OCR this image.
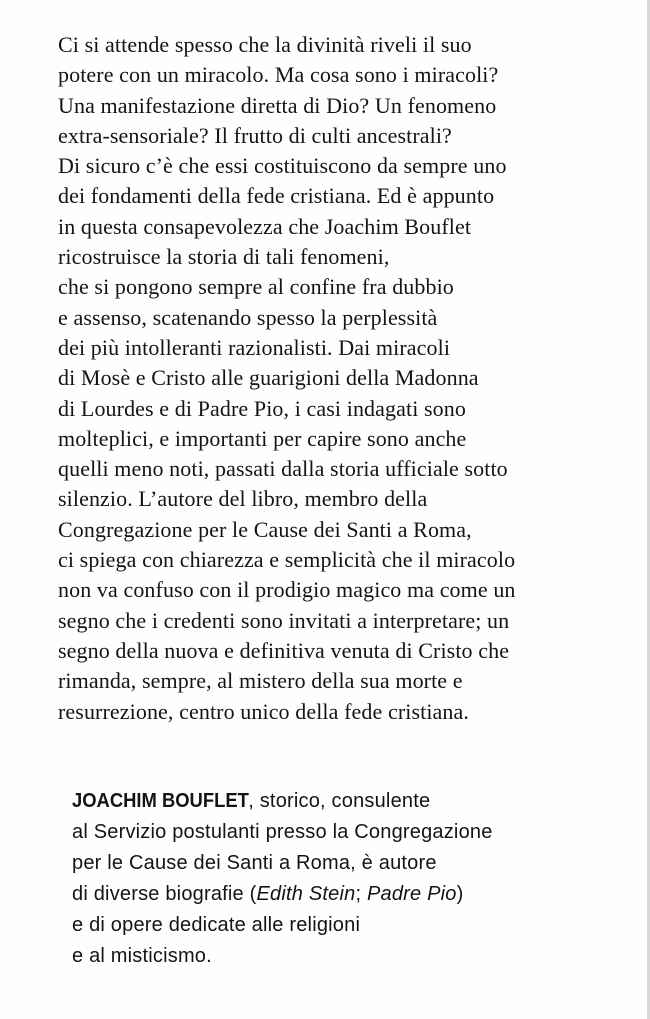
Ci si attende spesso che la divinità riveli il suo
potere con un miracolo. Ma cosa sono i miracoli?
Una manifestazione diretta di Dio? Un fenomeno
extra-sensoriale? Il frutto di culti ancestrali?
Di sicuro c’è che essi costituiscono da sempre uno
dei fondamenti della fede cristiana. Ed è appunto
in questa consapevolezza che Joachim Bouflet
ricostruisce la storia di tali fenomeni,
che si pongono sempre al confine fra dubbio
e assenso, scatenando spesso la perplessità
dei più intolleranti razionalisti. Dai miracoli
di Mosè e Cristo alle guarigioni della Madonna
di Lourdes e di Padre Pio, i casi indagati sono
molteplici, e importanti per capire sono anche
quelli meno noti, passati dalla storia ufficiale sotto
silenzio. L’autore del libro, membro della
Congregazione per le Cause dei Santi a Roma,
ci spiega con chiarezza e semplicità che il miracolo
non va confuso con il prodigio magico ma come un
segno che i credenti sono invitati a interpretare; un
segno della nuova e definitiva venuta di Cristo che
rimanda, sempre, al mistero della sua morte e
resurrezione, centro unico della fede cristiana.
JOACHIM BOUFLET, storico, consulente
al Servizio postulanti presso la Congregazione
per le Cause dei Santi a Roma, è autore
di diverse biografie (Edith Stein; Padre Pio)
e di opere dedicate alle religioni
e al misticismo.
